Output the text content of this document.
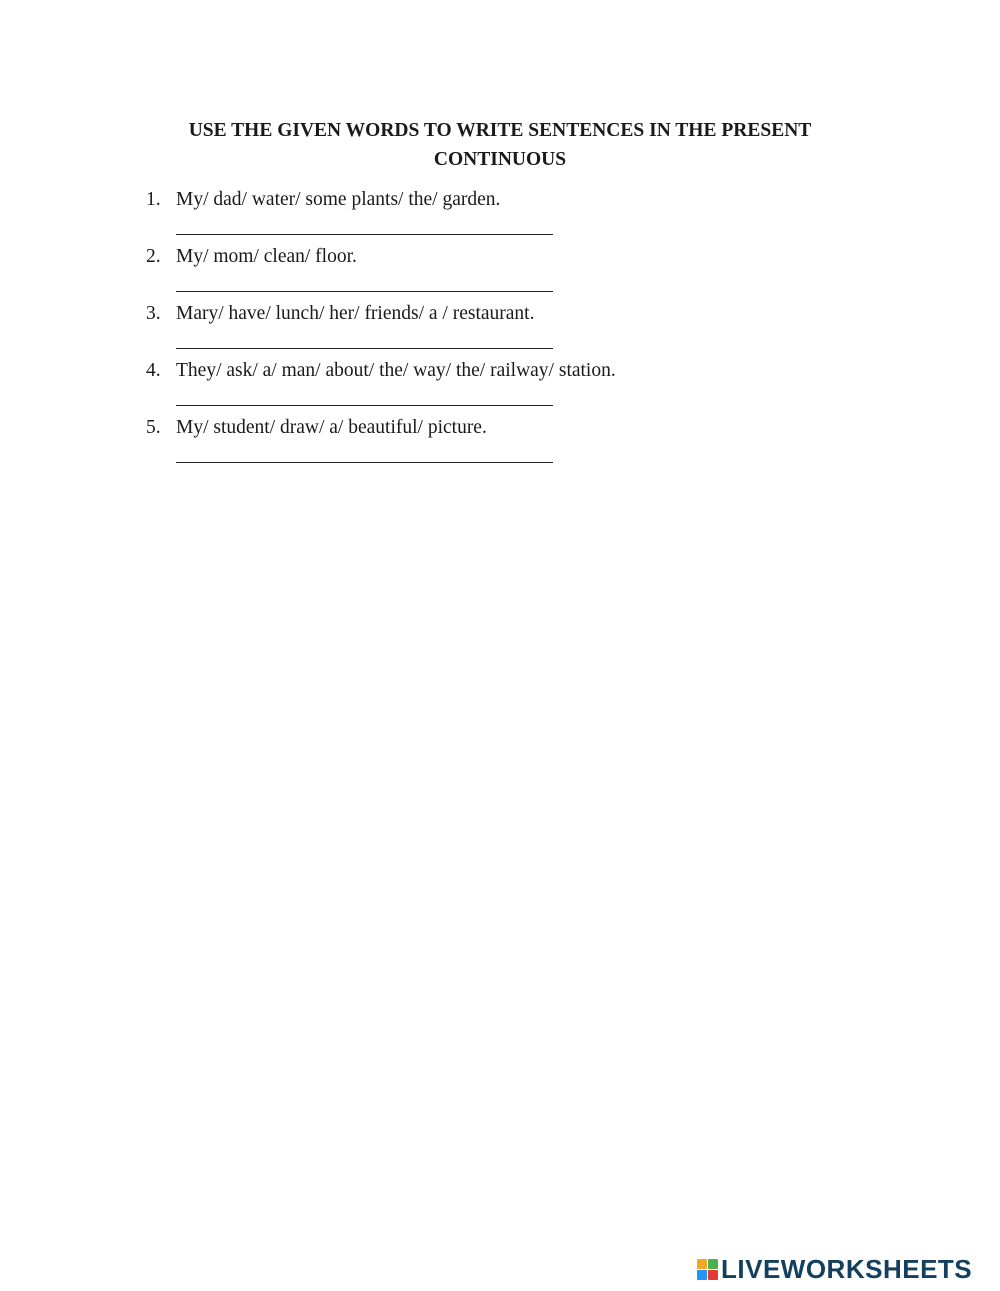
USE THE GIVEN WORDS TO WRITE SENTENCES IN THE PRESENT
CONTINUOUS
1. My/ dad/ water/ some plants/ the/ garden.
2. My/ mom/ clean/ floor.
3. Mary/ have/ lunch/ her/ friends/ a / restaurant.
4. They/ ask/ a/ man/ about/ the/ way/ the/ railway/ station.
5. My/ student/ draw/ a/ beautiful/ picture.
LIVEWORKSHEETS
